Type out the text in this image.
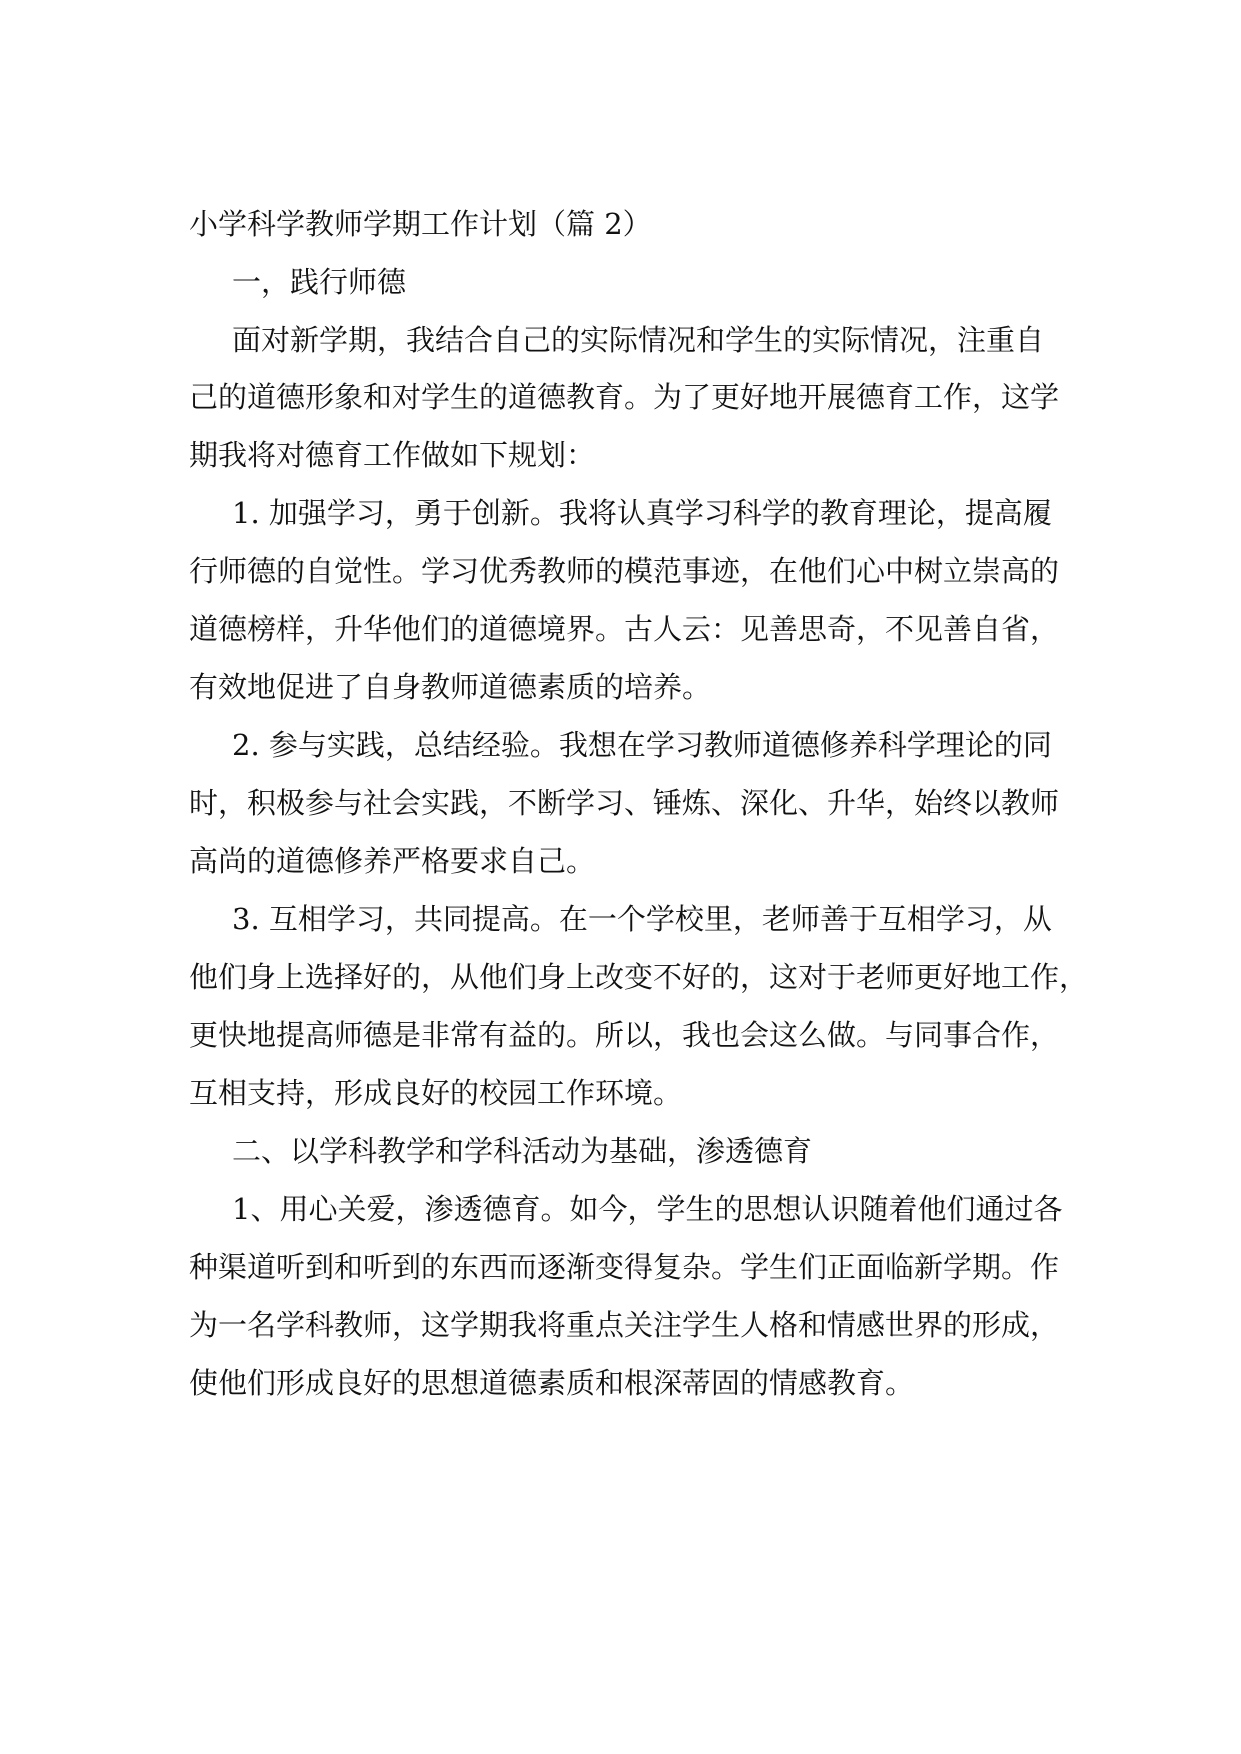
小学科学教师学期工作计划（篇 2）
一，践行师德
面对新学期，我结合自己的实际情况和学生的实际情况，注重自
己的道德形象和对学生的道德教育。为了更好地开展德育工作，这学
期我将对德育工作做如下规划：
1. 加强学习，勇于创新。我将认真学习科学的教育理论，提高履
行师德的自觉性。学习优秀教师的模范事迹，在他们心中树立崇高的
道德榜样，升华他们的道德境界。古人云：见善思奇，不见善自省，
有效地促进了自身教师道德素质的培养。
2. 参与实践，总结经验。我想在学习教师道德修养科学理论的同
时，积极参与社会实践，不断学习、锤炼、深化、升华，始终以教师
高尚的道德修养严格要求自己。
3. 互相学习，共同提高。在一个学校里，老师善于互相学习，从
他们身上选择好的，从他们身上改变不好的，这对于老师更好地工作，
更快地提高师德是非常有益的。所以，我也会这么做。与同事合作，
互相支持，形成良好的校园工作环境。
二、以学科教学和学科活动为基础，渗透德育
1、用心关爱，渗透德育。如今，学生的思想认识随着他们通过各
种渠道听到和听到的东西而逐渐变得复杂。学生们正面临新学期。作
为一名学科教师，这学期我将重点关注学生人格和情感世界的形成，
使他们形成良好的思想道德素质和根深蒂固的情感教育。
